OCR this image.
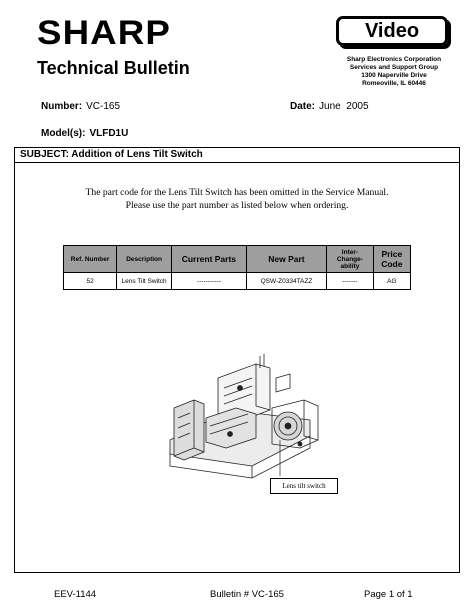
SHARP
Technical Bulletin
Video
Sharp Electronics Corporation
Services and Support Group
1300 Naperville Drive
Romeoville, IL 60446
Number: VC-165	Date: June  2005
Model(s): VLFD1U
SUBJECT: Addition of Lens Tilt Switch
The part code for the Lens Tilt Switch has been omitted in the Service Manual.
Please use the part number as listed below when ordering.
Ref. Number	Description	Current Parts	New Part	Inter-Change-ability	Price Code
52	Lens Tilt Switch	-----------	QSW-Z0334TAZZ	-------	AG
Lens tilt switch
EEV-1144	Bulletin # VC-165	Page 1 of 1
